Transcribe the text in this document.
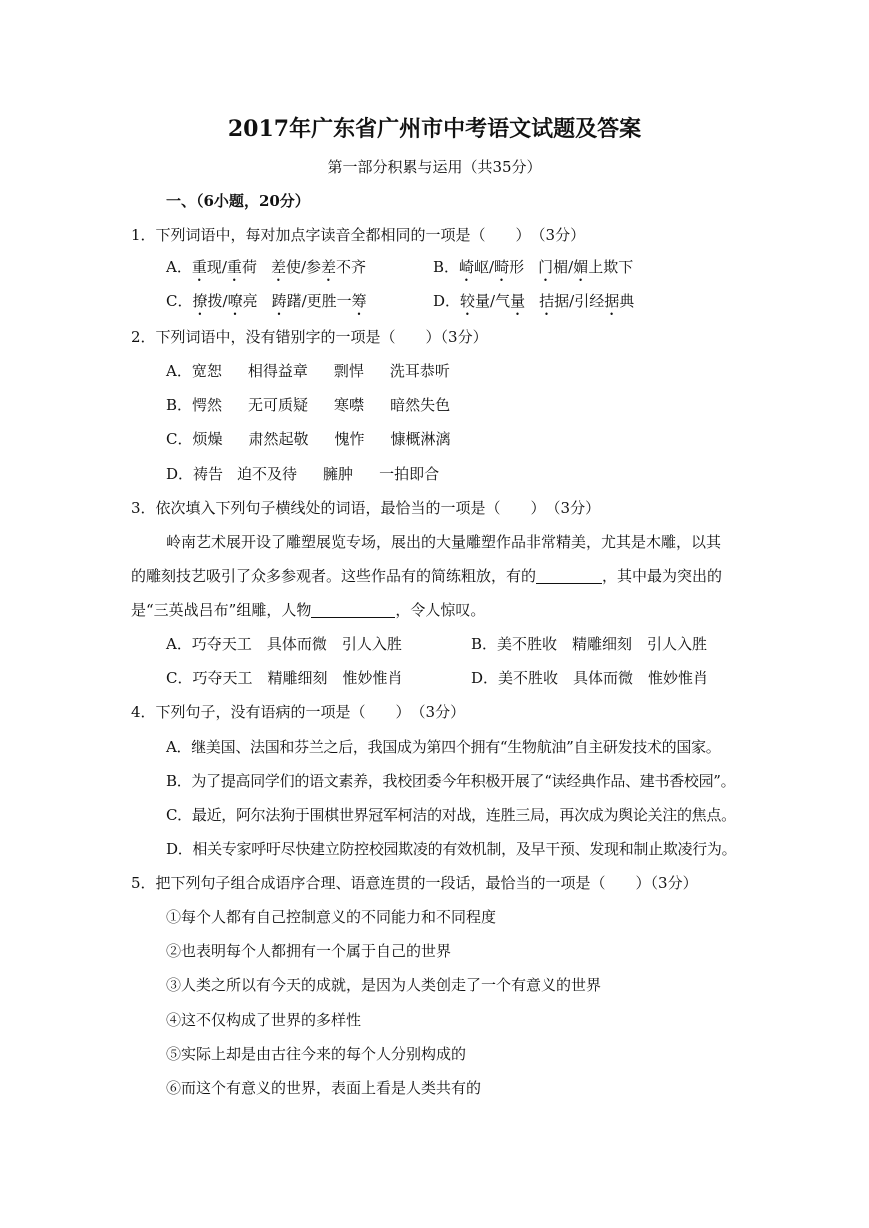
2017年广东省广州市中考语文试题及答案
第一部分积累与运用（共35分）
一、（6小题，20分）
1．下列词语中，每对加点字读音全都相同的一项是（　　）　（3分）
A．重现/重荷 差使/参差不齐	B．崎岖/畸形 门楣/媚上欺下
C．撩拨/嘹亮 踌躇/更胜一筹	D．较量/气量 拮据/引经据典
2．下列词语中，没有错别字的一项是（　　）（3分）
A．宽恕 相得益章 剽悍 洗耳恭听
B．愕然 无可质疑 寒噤 暗然失色
C．烦燥 肃然起敬 愧怍 慷概淋漓
D．祷告 迫不及待 臃肿 一拍即合
3．依次填入下列句子横线处的词语，最恰当的一项是（　　）　（3分）
岭南艺术展开设了雕塑展览专场，展出的大量雕塑作品非常精美，尤其是木雕，以其
的雕刻技艺吸引了众多参观者。这些作品有的简练粗放，有的	，其中最为突出的
是“三英战吕布”组雕，人物	，令人惊叹。
A．巧夺天工　具体而微　引人入胜	B．美不胜收　精雕细刻　引人入胜
C．巧夺天工　精雕细刻　惟妙惟肖	D．美不胜收　具体而微　惟妙惟肖
4．下列句子，没有语病的一项是（　　）　（3分）
A．继美国、法国和芬兰之后，我国成为第四个拥有“生物航油”自主研发技术的国家。
B．为了提高同学们的语文素养，我校团委今年积极开展了“读经典作品、建书香校园”。
C．最近，阿尔法狗于围棋世界冠军柯洁的对战，连胜三局，再次成为舆论关注的焦点。
D．相关专家呼吁尽快建立防控校园欺凌的有效机制，及早干预、发现和制止欺凌行为。
5．把下列句子组合成语序合理、语意连贯的一段话，最恰当的一项是（　　）（3分）
①每个人都有自己控制意义的不同能力和不同程度
②也表明每个人都拥有一个属于自己的世界
③人类之所以有今天的成就，是因为人类创走了一个有意义的世界
④这不仅构成了世界的多样性
⑤实际上却是由古往今来的每个人分别构成的
⑥而这个有意义的世界，表面上看是人类共有的
